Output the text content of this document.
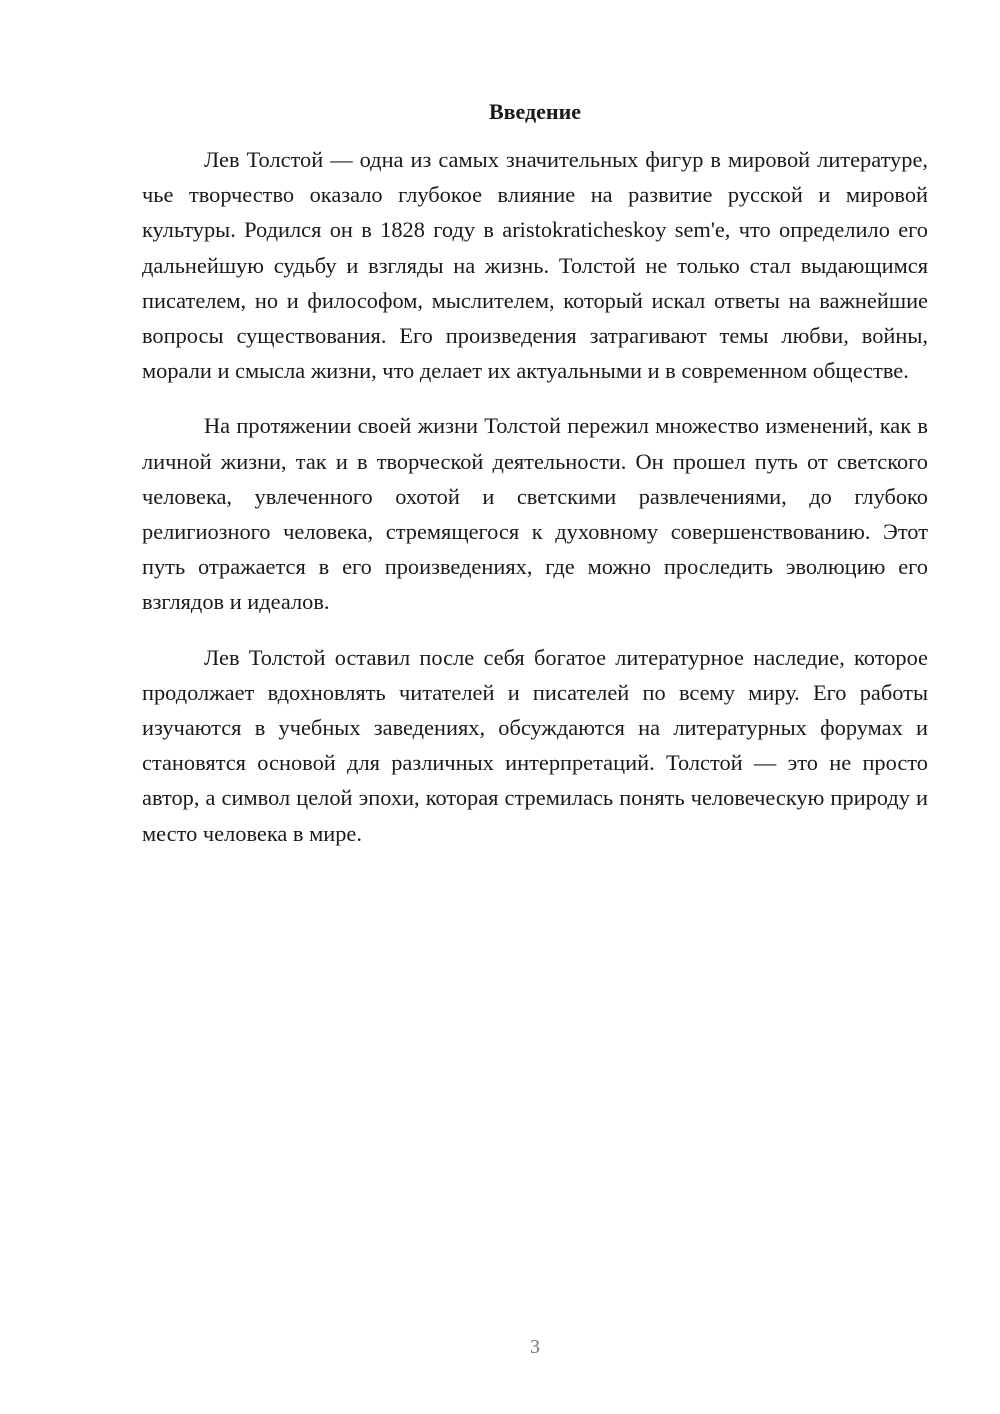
Введение

Лев Толстой — одна из самых значительных фигур в мировой литературе, чье творчество оказало глубокое влияние на развитие русской и мировой культуры. Родился он в 1828 году в aristokraticheskoy sem'e, что определило его дальнейшую судьбу и взгляды на жизнь. Толстой не только стал выдающимся писателем, но и философом, мыслителем, который искал ответы на важнейшие вопросы существования. Его произведения затрагивают темы любви, войны, морали и смысла жизни, что делает их актуальными и в современном обществе.

На протяжении своей жизни Толстой пережил множество изменений, как в личной жизни, так и в творческой деятельности. Он прошел путь от светского человека, увлеченного охотой и светскими развлечениями, до глубоко религиозного человека, стремящегося к духовному совершенствованию. Этот путь отражается в его произведениях, где можно проследить эволюцию его взглядов и идеалов.

Лев Толстой оставил после себя богатое литературное наследие, которое продолжает вдохновлять читателей и писателей по всему миру. Его работы изучаются в учебных заведениях, обсуждаются на литературных форумах и становятся основой для различных интерпретаций. Толстой — это не просто автор, а символ целой эпохи, которая стремилась понять человеческую природу и место человека в мире.

3
